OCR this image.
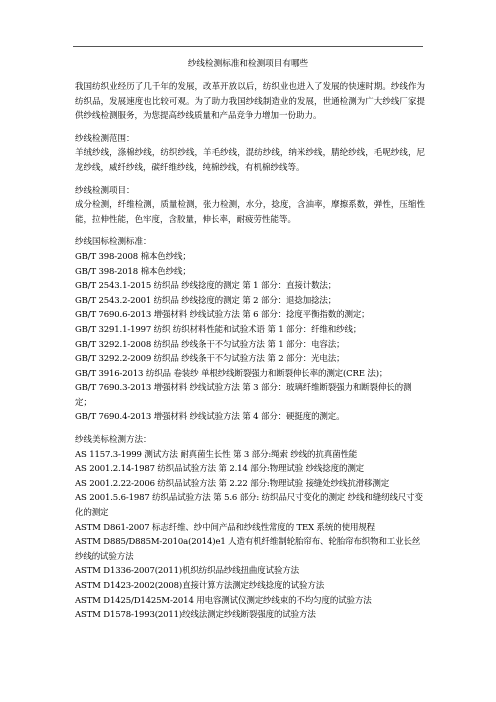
纱线检测标准和检测项目有哪些

我国纺织业经历了几千年的发展，改革开放以后，纺织业也进入了发展的快速时期。纱线作为纺织品，发展速度也比较可观。为了助力我国纱线制造业的发展，世通检测为广大纱线厂家提供纱线检测服务，为您提高纱线质量和产品竞争力增加一份助力。

纱线检测范围：

羊绒纱线，涤棉纱线，纺织纱线，羊毛纱线，混纺纱线，纳米纱线，腈纶纱线，毛呢纱线，尼龙纱线，威纤纱线，碳纤维纱线，纯棉纱线，有机棉纱线等。

纱线检测项目：

成分检测，纤维检测，质量检测，张力检测，水分，捻度，含油率，摩擦系数，弹性，压缩性能，拉伸性能，色牢度，含胶量，伸长率，耐疲劳性能等。

纱线国标检测标准：

GB/T 398-2008 棉本色纱线；

GB/T 398-2018 棉本色纱线；

GB/T 2543.1-2015 纺织品 纱线捻度的测定 第 1 部分：直接计数法；

GB/T 2543.2-2001 纺织品 纱线捻度的测定 第 2 部分：退捻加捻法；

GB/T 7690.6-2013 增强材料 纱线试验方法 第 6 部分：捻度平衡指数的测定；

GB/T 3291.1-1997 纺织 纺织材料性能和试验术语 第 1 部分：纤维和纱线；

GB/T 3292.1-2008 纺织品 纱线条干不匀试验方法 第 1 部分：电容法；

GB/T 3292.2-2009 纺织品 纱线条干不匀试验方法 第 2 部分：光电法；

GB/T 3916-2013 纺织品 卷装纱 单根纱线断裂强力和断裂伸长率的测定(CRE 法)；

GB/T 7690.3-2013 增强材料 纱线试验方法 第 3 部分：玻璃纤维断裂强力和断裂伸长的测定；

GB/T 7690.4-2013 增强材料 纱线试验方法 第 4 部分：硬挺度的测定。

纱线美标检测方法：

AS 1157.3-1999 测试方法 耐真菌生长性 第 3 部分:绳索 纱线的抗真菌性能

AS 2001.2.14-1987 纺织品试验方法 第 2.14 部分:物理试验 纱线捻度的测定

AS 2001.2.22-2006 纺织品试验方法 第 2.22 部分:物理试验 接缝处纱线抗滑移测定

AS 2001.5.6-1987 纺织品试验方法 第 5.6 部分: 纺织品尺寸变化的测定 纱线和缝纫线尺寸变化的测定

ASTM D861-2007 标志纤维、纱中间产品和纱线性常度的 TEX 系统的使用规程

ASTM D885/D885M-2010a(2014)e1 人造有机纤维制轮胎帘布、轮胎帘布织物和工业长丝纱线的试验方法

ASTM D1336-2007(2011)机织纺织品纱线扭曲度试验方法

ASTM D1423-2002(2008)直接计算方法测定纱线捻度的试验方法

ASTM D1425/D1425M-2014 用电容测试仪测定纱线束的不均匀度的试验方法

ASTM D1578-1993(2011)绞线法测定纱线断裂强度的试验方法
